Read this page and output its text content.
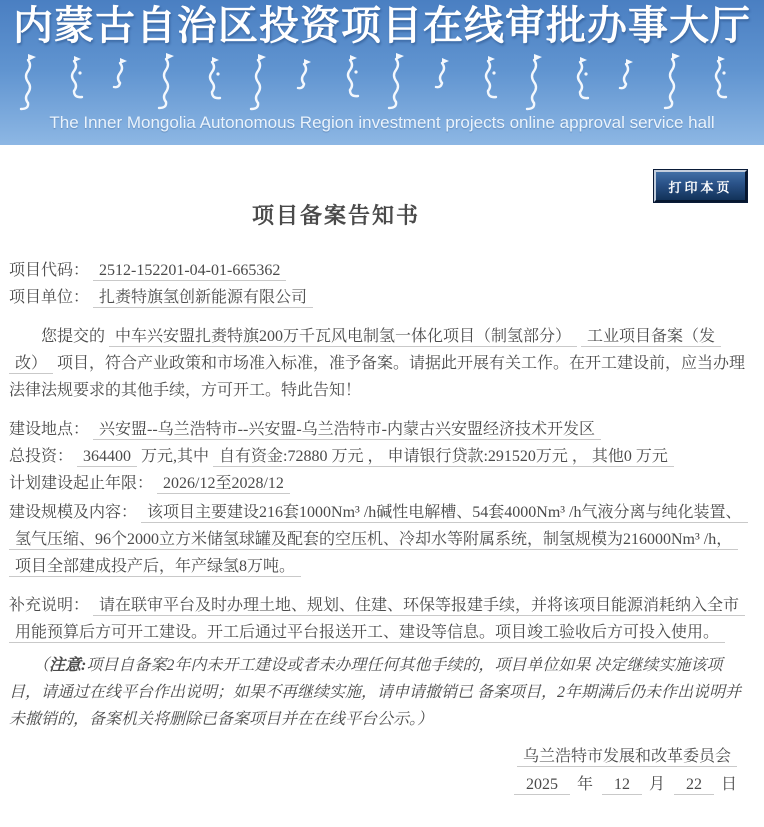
内蒙古自治区投资项目在线审批办事大厅
The Inner Mongolia Autonomous Region investment projects online approval service hall
打印本页
项目备案告知书
项目代码： 2512-152201-04-01-665362
项目单位： 扎赉特旗氢创新能源有限公司

您提交的 中车兴安盟扎赉特旗200万千瓦风电制氢一体化项目（制氢部分） 工业项目备案（发改） 项目，符合产业政策和市场准入标准，准予备案。请据此开展有关工作。在开工建设前，应当办理法律法规要求的其他手续，方可开工。特此告知！

建设地点： 兴安盟--乌兰浩特市--兴安盟-乌兰浩特市-内蒙古兴安盟经济技术开发区
总投资： 364400 万元,其中 自有资金:72880 万元 ， 申请银行贷款:291520万元 ， 其他0 万元
计划建设起止年限： 2026/12至2028/12
建设规模及内容： 该项目主要建设216套1000Nm³ /h碱性电解槽、54套4000Nm³ /h气液分离与纯化装置、氢气压缩、96个2000立方米储氢球罐及配套的空压机、冷却水等附属系统，制氢规模为216000Nm³ /h，项目全部建成投产后，年产绿氢8万吨。
补充说明： 请在联审平台及时办理土地、规划、住建、环保等报建手续，并将该项目能源消耗纳入全市用能预算后方可开工建设。开工后通过平台报送开工、建设等信息。项目竣工验收后方可投入使用。

（注意:项目自备案2年内未开工建设或者未办理任何其他手续的，项目单位如果 决定继续实施该项目，请通过在线平台作出说明；如果不再继续实施，请申请撤销已 备案项目，2年期满后仍未作出说明并未撤销的，备案机关将删除已备案项目并在在线平台公示。）

乌兰浩特市发展和改革委员会
2025 年 12 月 22 日
